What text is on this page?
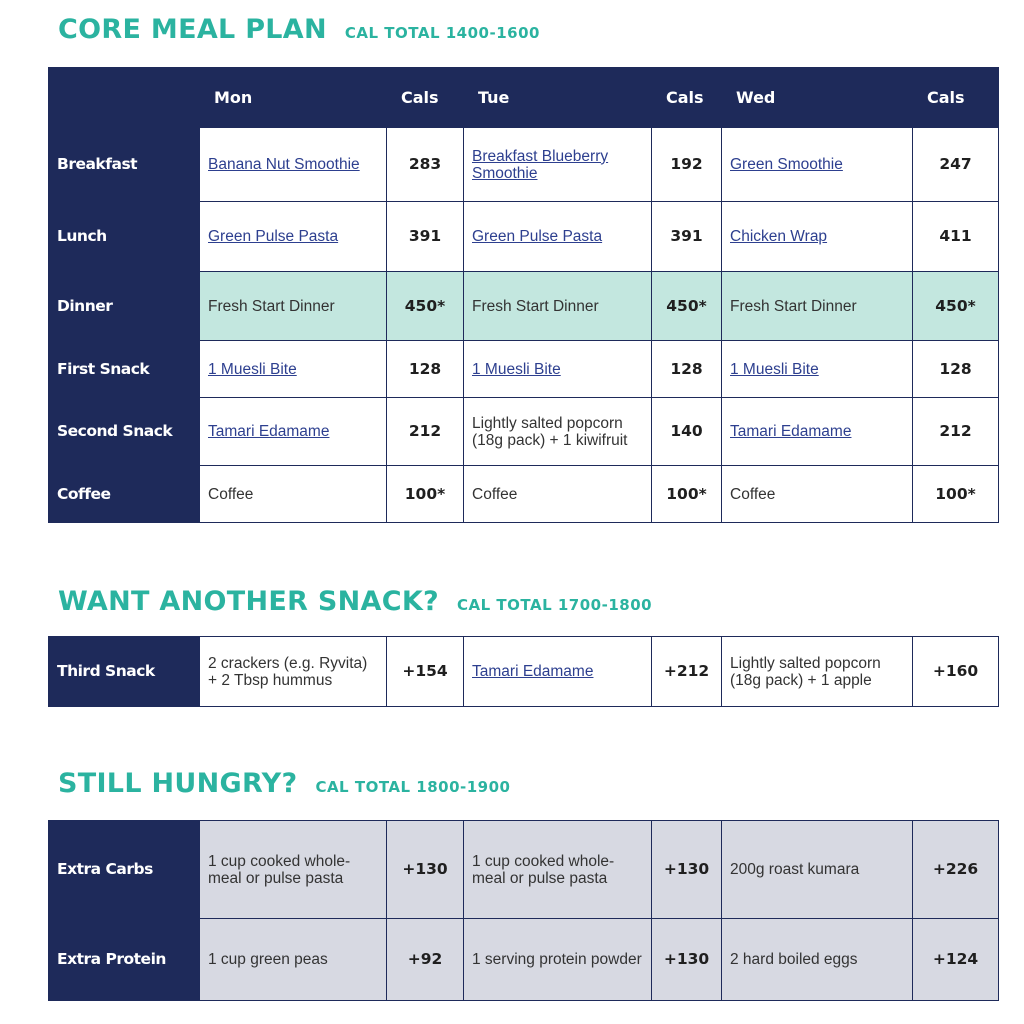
CORE MEAL PLAN CAL TOTAL 1400-1600
	Mon	Cals	Tue	Cals	Wed	Cals
Breakfast	Banana Nut Smoothie	283	Breakfast Blueberry Smoothie	192	Green Smoothie	247
Lunch	Green Pulse Pasta	391	Green Pulse Pasta	391	Chicken Wrap	411
Dinner	Fresh Start Dinner	450*	Fresh Start Dinner	450*	Fresh Start Dinner	450*
First Snack	1 Muesli Bite	128	1 Muesli Bite	128	1 Muesli Bite	128
Second Snack	Tamari Edamame	212	Lightly salted popcorn (18g pack) + 1 kiwifruit	140	Tamari Edamame	212
Coffee	Coffee	100*	Coffee	100*	Coffee	100*
WANT ANOTHER SNACK? CAL TOTAL 1700-1800
Third Snack	2 crackers (e.g. Ryvita) + 2 Tbsp hummus	+154	Tamari Edamame	+212	Lightly salted popcorn (18g pack) + 1 apple	+160
STILL HUNGRY? CAL TOTAL 1800-1900
Extra Carbs	1 cup cooked whole-meal or pulse pasta	+130	1 cup cooked whole-meal or pulse pasta	+130	200g roast kumara	+226
Extra Protein	1 cup green peas	+92	1 serving protein powder	+130	2 hard boiled eggs	+124
